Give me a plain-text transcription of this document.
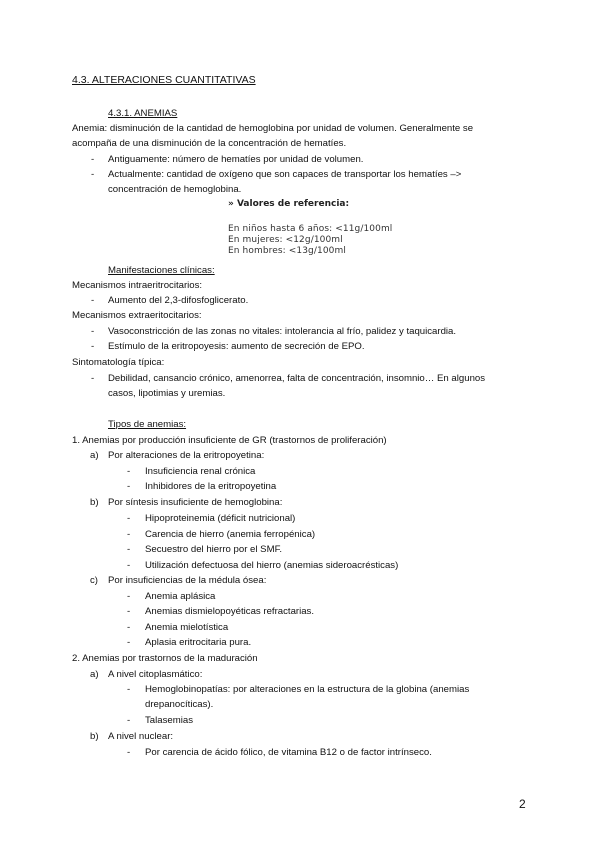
4.3. ALTERACIONES CUANTITATIVAS
4.3.1. ANEMIAS
Anemia: disminución de la cantidad de hemoglobina por unidad de volumen. Generalmente se
acompaña de una disminución de la concentración de hematíes.
- Antiguamente: número de hematíes por unidad de volumen.
- Actualmente: cantidad de oxígeno que son capaces de transportar los hematíes –>
concentración de hemoglobina.
» Valores de referencia:
En niños hasta 6 años: <11g/100ml
En mujeres: <12g/100ml
En hombres: <13g/100ml
Manifestaciones clínicas:
Mecanismos intraeritrocitarios:
- Aumento del 2,3-difosfoglicerato.
Mecanismos extraeritocitarios:
- Vasoconstricción de las zonas no vitales: intolerancia al frío, palidez y taquicardia.
- Estímulo de la eritropoyesis: aumento de secreción de EPO.
Sintomatología típica:
- Debilidad, cansancio crónico, amenorrea, falta de concentración, insomnio… En algunos
casos, lipotimias y uremias.
Tipos de anemias:
1. Anemias por producción insuficiente de GR (trastornos de proliferación)
a) Por alteraciones de la eritropoyetina:
- Insuficiencia renal crónica
- Inhibidores de la eritropoyetina
b) Por síntesis insuficiente de hemoglobina:
- Hipoproteinemia (déficit nutricional)
- Carencia de hierro (anemia ferropénica)
- Secuestro del hierro por el SMF.
- Utilización defectuosa del hierro (anemias sideroacrésticas)
c) Por insuficiencias de la médula ósea:
- Anemia aplásica
- Anemias dismielopoyéticas refractarias.
- Anemia mielotística
- Aplasia eritrocitaria pura.
2. Anemias por trastornos de la maduración
a) A nivel citoplasmático:
- Hemoglobinopatías: por alteraciones en la estructura de la globina (anemias
drepanocíticas).
- Talasemias
b) A nivel nuclear:
- Por carencia de ácido fólico, de vitamina B12 o de factor intrínseco.
2
